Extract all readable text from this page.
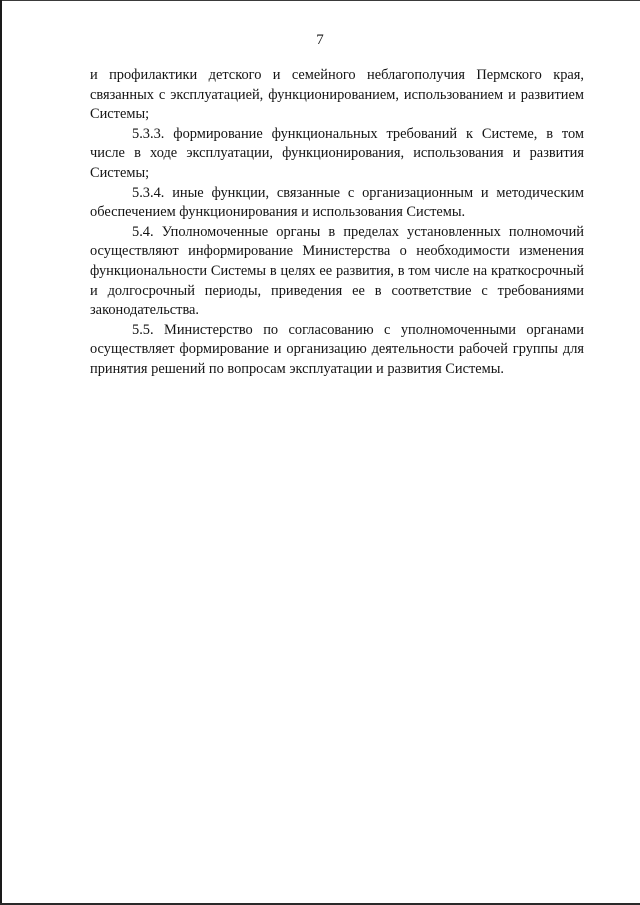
7

и профилактики детского и семейного неблагополучия Пермского края, связанных с эксплуатацией, функционированием, использованием и развитием Системы;

5.3.3. формирование функциональных требований к Системе, в том числе в ходе эксплуатации, функционирования, использования и развития Системы;

5.3.4. иные функции, связанные с организационным и методическим обеспечением функционирования и использования Системы.

5.4. Уполномоченные органы в пределах установленных полномочий осуществляют информирование Министерства о необходимости изменения функциональности Системы в целях ее развития, в том числе на краткосрочный и долгосрочный периоды, приведения ее в соответствие с требованиями законодательства.

5.5. Министерство по согласованию с уполномоченными органами осуществляет формирование и организацию деятельности рабочей группы для принятия решений по вопросам эксплуатации и развития Системы.
